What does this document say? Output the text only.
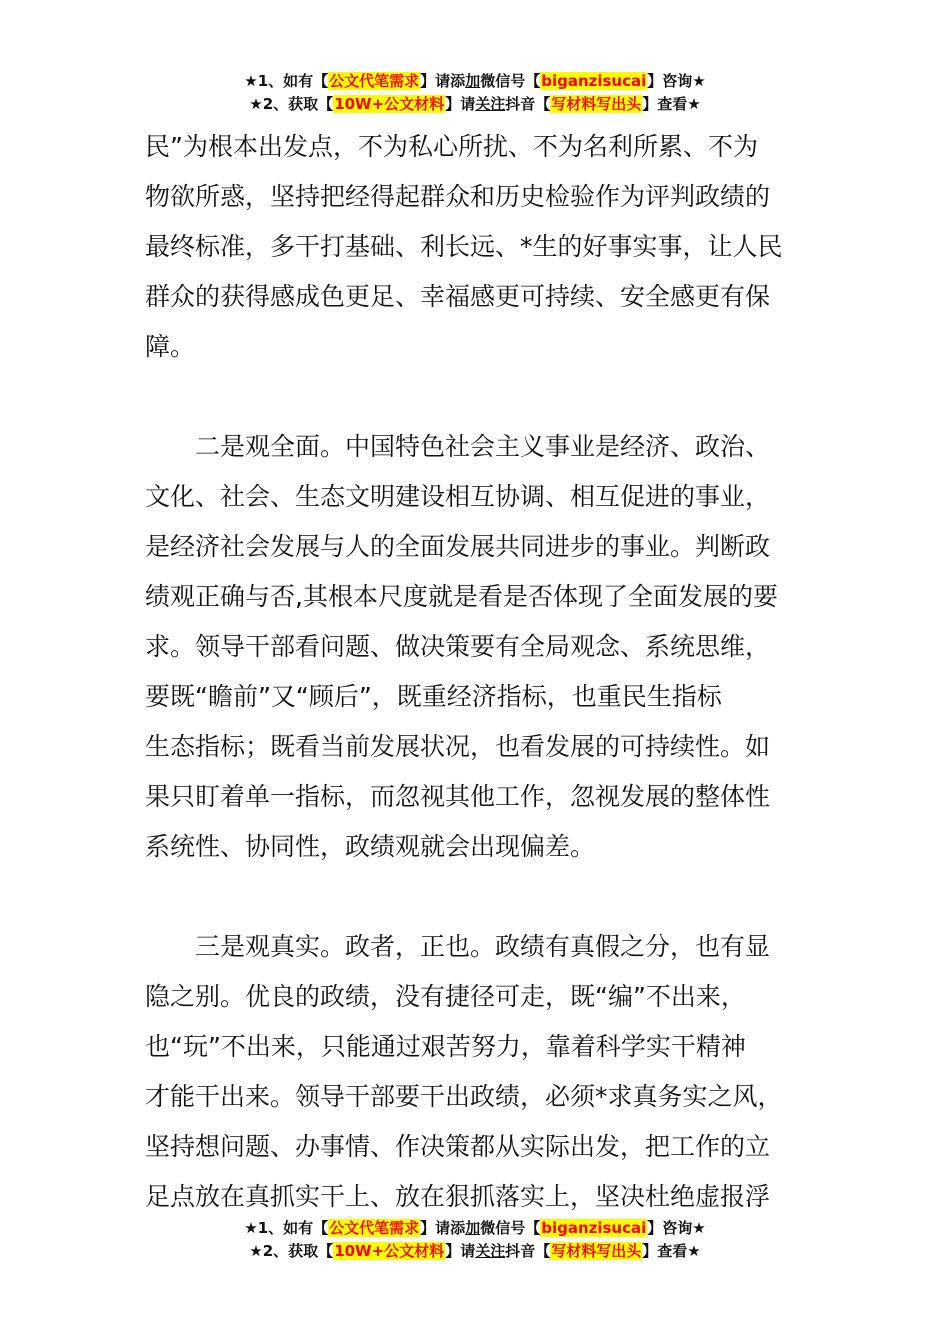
★1、如有【公文代笔需求】请添加微信号【biganzisucai】咨询★
★2、获取【10W+公文材料】请关注抖音【写材料写出头】查看★

民”为根本出发点，不为私心所扰、不为名利所累、不为

物欲所惑，坚持把经得起群众和历史检验作为评判政绩的

最终标准，多干打基础、利长远、*生的好事实事，让人民

群众的获得感成色更足、幸福感更可持续、安全感更有保

障。

　　二是观全面。中国特色社会主义事业是经济、政治、

文化、社会、生态文明建设相互协调、相互促进的事业，

是经济社会发展与人的全面发展共同进步的事业。判断政

绩观正确与否,其根本尺度就是看是否体现了全面发展的要

求。领导干部看问题、做决策要有全局观念、系统思维，

要既“瞻前”又“顾后”，既重经济指标，也重民生指标

生态指标；既看当前发展状况，也看发展的可持续性。如

果只盯着单一指标，而忽视其他工作，忽视发展的整体性

系统性、协同性，政绩观就会出现偏差。

　　三是观真实。政者，正也。政绩有真假之分，也有显

隐之别。优良的政绩，没有捷径可走，既“编”不出来，

也“玩”不出来，只能通过艰苦努力，靠着科学实干精神

才能干出来。领导干部要干出政绩，必须*求真务实之风，

坚持想问题、办事情、作决策都从实际出发，把工作的立

足点放在真抓实干上、放在狠抓落实上，坚决杜绝虚报浮

★1、如有【公文代笔需求】请添加微信号【biganzisucai】咨询★
★2、获取【10W+公文材料】请关注抖音【写材料写出头】查看★
